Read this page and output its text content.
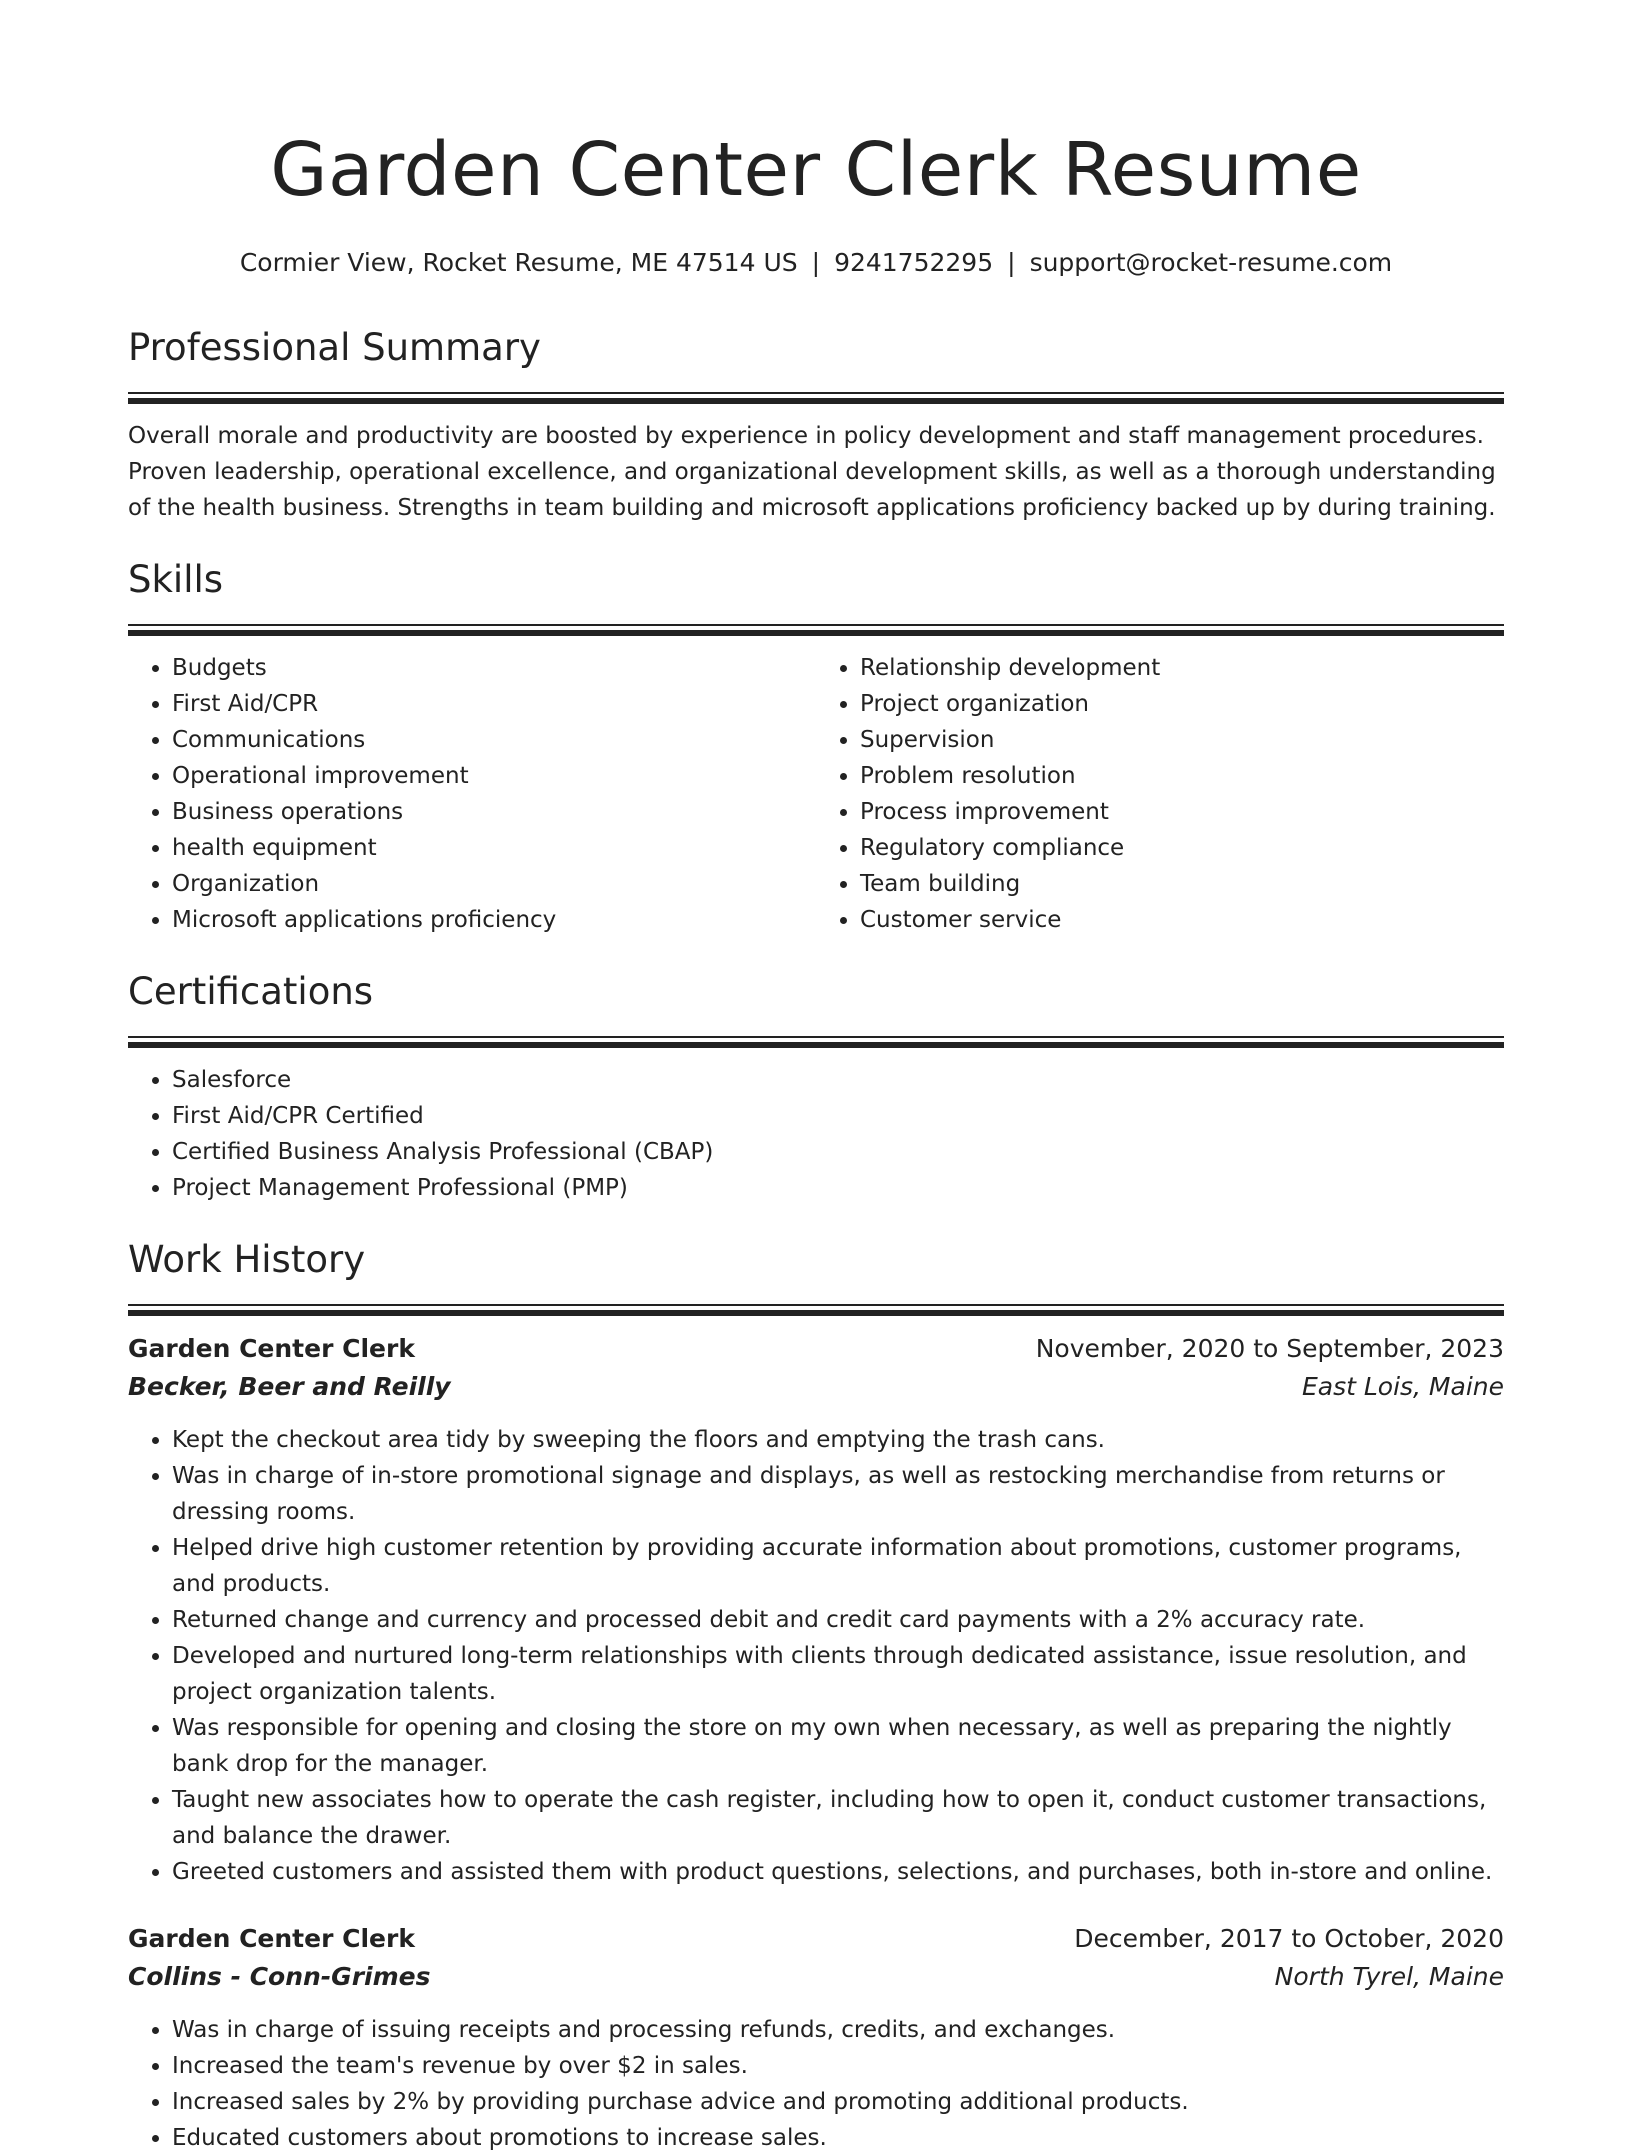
Garden Center Clerk Resume
Cormier View, Rocket Resume, ME 47514 US | 9241752295 | support@rocket-resume.com
Professional Summary

Overall morale and productivity are boosted by experience in policy development and staff management procedures. Proven leadership, operational excellence, and organizational development skills, as well as a thorough understanding of the health business. Strengths in team building and microsoft applications proficiency backed up by during training.

Skills
• Budgets
• First Aid/CPR
• Communications
• Operational improvement
• Business operations
• health equipment
• Organization
• Microsoft applications proficiency
• Relationship development
• Project organization
• Supervision
• Problem resolution
• Process improvement
• Regulatory compliance
• Team building
• Customer service
Certifications
• Salesforce
• First Aid/CPR Certified
• Certified Business Analysis Professional (CBAP)
• Project Management Professional (PMP)
Work History
Garden Center Clerk	November, 2020 to September, 2023
Becker, Beer and Reilly	East Lois, Maine
• Kept the checkout area tidy by sweeping the floors and emptying the trash cans.
• Was in charge of in-store promotional signage and displays, as well as restocking merchandise from returns or dressing rooms.
• Helped drive high customer retention by providing accurate information about promotions, customer programs, and products.
• Returned change and currency and processed debit and credit card payments with a 2% accuracy rate.
• Developed and nurtured long-term relationships with clients through dedicated assistance, issue resolution, and project organization talents.
• Was responsible for opening and closing the store on my own when necessary, as well as preparing the nightly bank drop for the manager.
• Taught new associates how to operate the cash register, including how to open it, conduct customer transactions, and balance the drawer.
• Greeted customers and assisted them with product questions, selections, and purchases, both in-store and online.
Garden Center Clerk	December, 2017 to October, 2020
Collins - Conn-Grimes	North Tyrel, Maine
• Was in charge of issuing receipts and processing refunds, credits, and exchanges.
• Increased the team's revenue by over $2 in sales.
• Increased sales by 2% by providing purchase advice and promoting additional products.
• Educated customers about promotions to increase sales.
